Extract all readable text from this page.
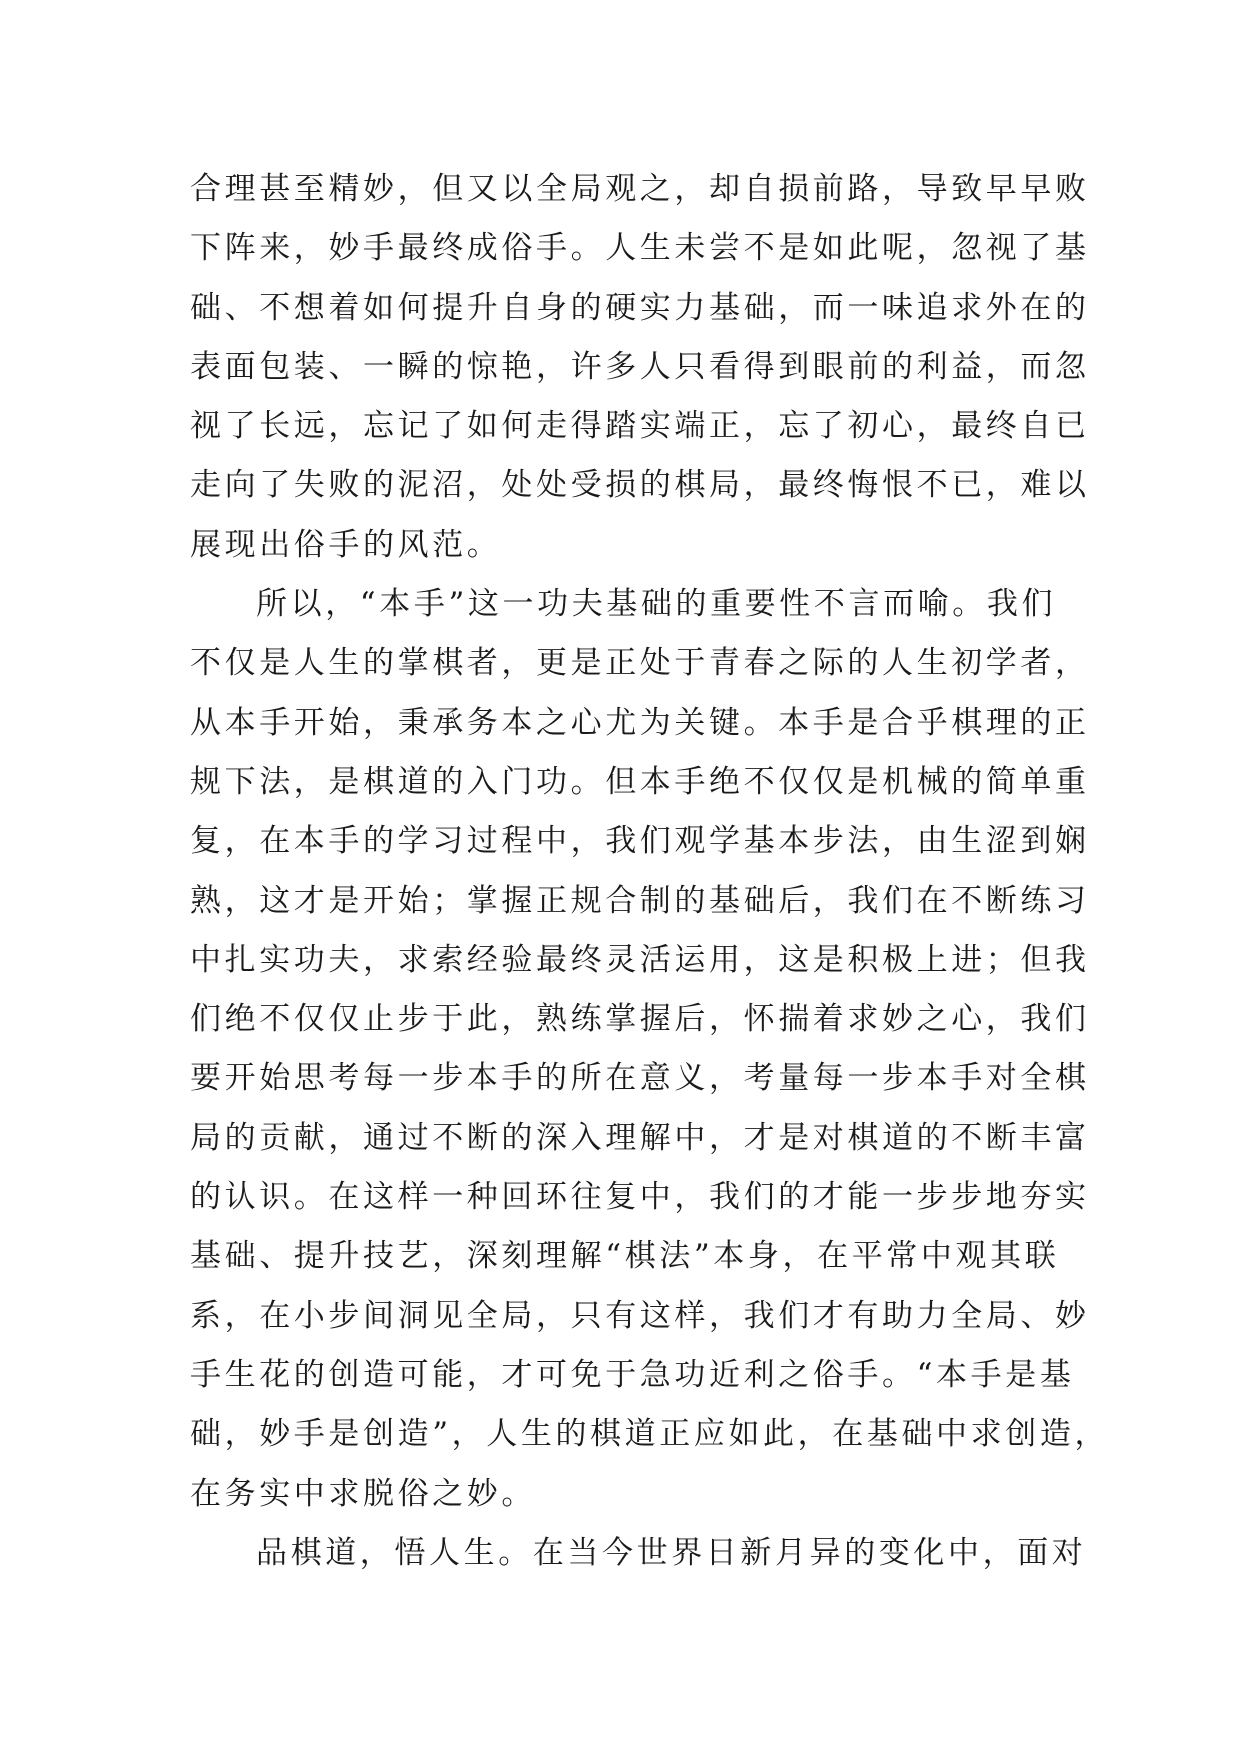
合理甚至精妙，但又以全局观之，却自损前路，导致早早败
下阵来，妙手最终成俗手。人生未尝不是如此呢，忽视了基
础、不想着如何提升自身的硬实力基础，而一味追求外在的
表面包装、一瞬的惊艳，许多人只看得到眼前的利益，而忽
视了长远，忘记了如何走得踏实端正，忘了初心，最终自已
走向了失败的泥沼，处处受损的棋局，最终悔恨不已，难以
展现出俗手的风范。
所以，“本手”这一功夫基础的重要性不言而喻。我们
不仅是人生的掌棋者，更是正处于青春之际的人生初学者，
从本手开始，秉承务本之心尤为关键。本手是合乎棋理的正
规下法，是棋道的入门功。但本手绝不仅仅是机械的简单重
复，在本手的学习过程中，我们观学基本步法，由生涩到娴
熟，这才是开始；掌握正规合制的基础后，我们在不断练习
中扎实功夫，求索经验最终灵活运用，这是积极上进；但我
们绝不仅仅止步于此，熟练掌握后，怀揣着求妙之心，我们
要开始思考每一步本手的所在意义，考量每一步本手对全棋
局的贡献，通过不断的深入理解中，才是对棋道的不断丰富
的认识。在这样一种回环往复中，我们的才能一步步地夯实
基础、提升技艺，深刻理解“棋法”本身，在平常中观其联
系，在小步间洞见全局，只有这样，我们才有助力全局、妙
手生花的创造可能，才可免于急功近利之俗手。“本手是基
础，妙手是创造”，人生的棋道正应如此，在基础中求创造，
在务实中求脱俗之妙。
品棋道，悟人生。在当今世界日新月异的变化中，面对
